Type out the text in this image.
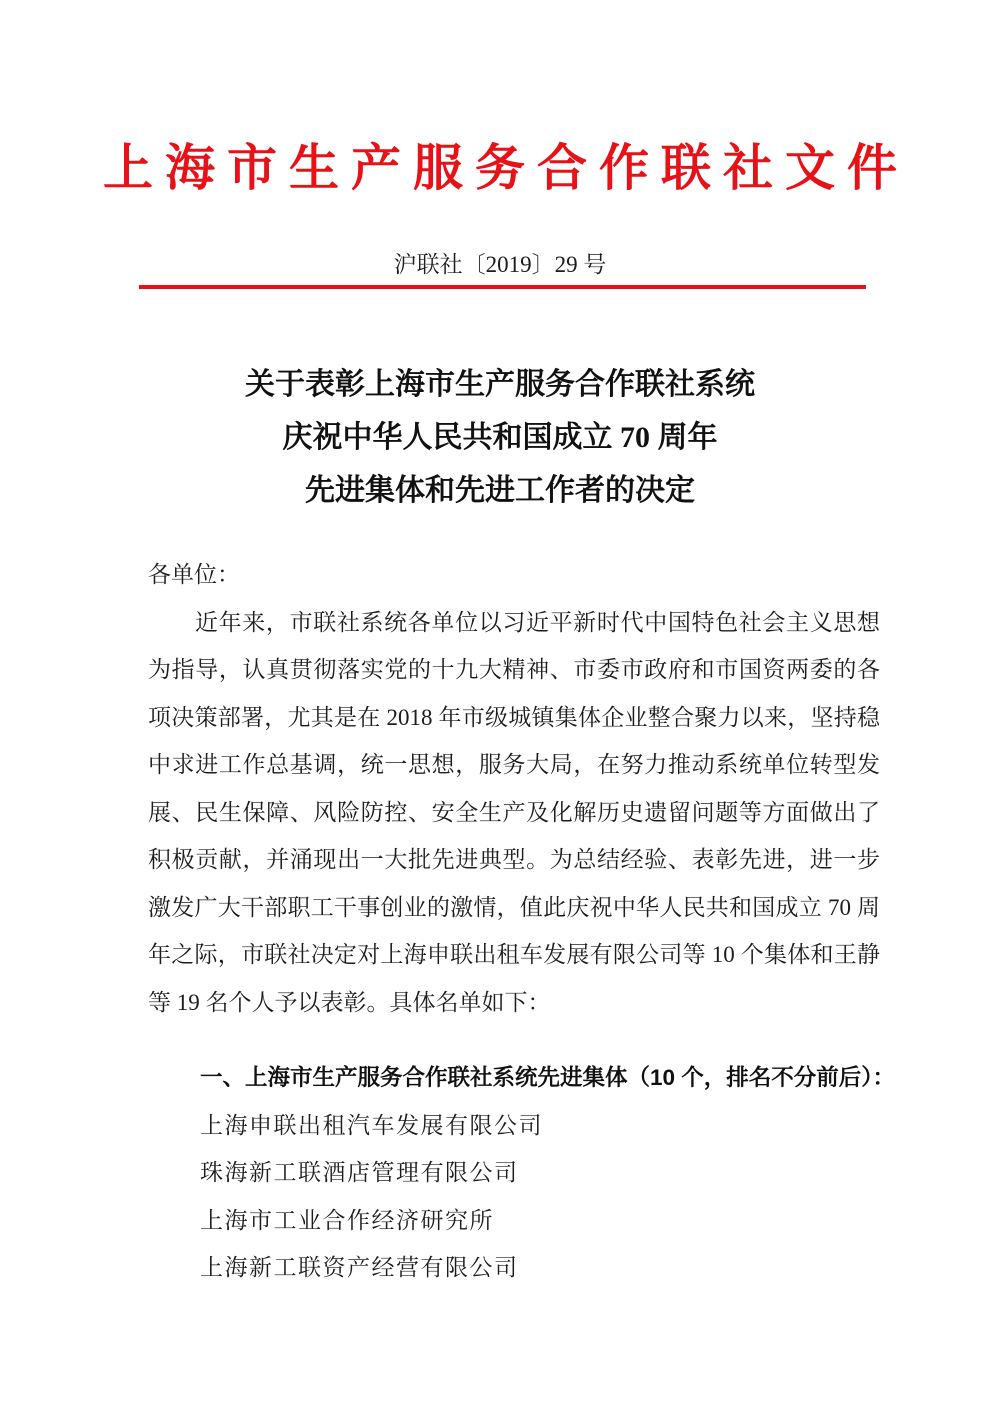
上海市生产服务合作联社文件
沪联社〔2019〕29 号
关于表彰上海市生产服务合作联社系统
庆祝中华人民共和国成立 70 周年
先进集体和先进工作者的决定
各单位：
近年来，市联社系统各单位以习近平新时代中国特色社会主义思想为指导，认真贯彻落实党的十九大精神、市委市政府和市国资两委的各项决策部署，尤其是在 2018 年市级城镇集体企业整合聚力以来，坚持稳中求进工作总基调，统一思想，服务大局，在努力推动系统单位转型发展、民生保障、风险防控、安全生产及化解历史遗留问题等方面做出了积极贡献，并涌现出一大批先进典型。为总结经验、表彰先进，进一步激发广大干部职工干事创业的激情，值此庆祝中华人民共和国成立 70 周年之际，市联社决定对上海申联出租车发展有限公司等 10 个集体和王静等 19 名个人予以表彰。具体名单如下：
一、上海市生产服务合作联社系统先进集体（10 个，排名不分前后）：
上海申联出租汽车发展有限公司
珠海新工联酒店管理有限公司
上海市工业合作经济研究所
上海新工联资产经营有限公司
